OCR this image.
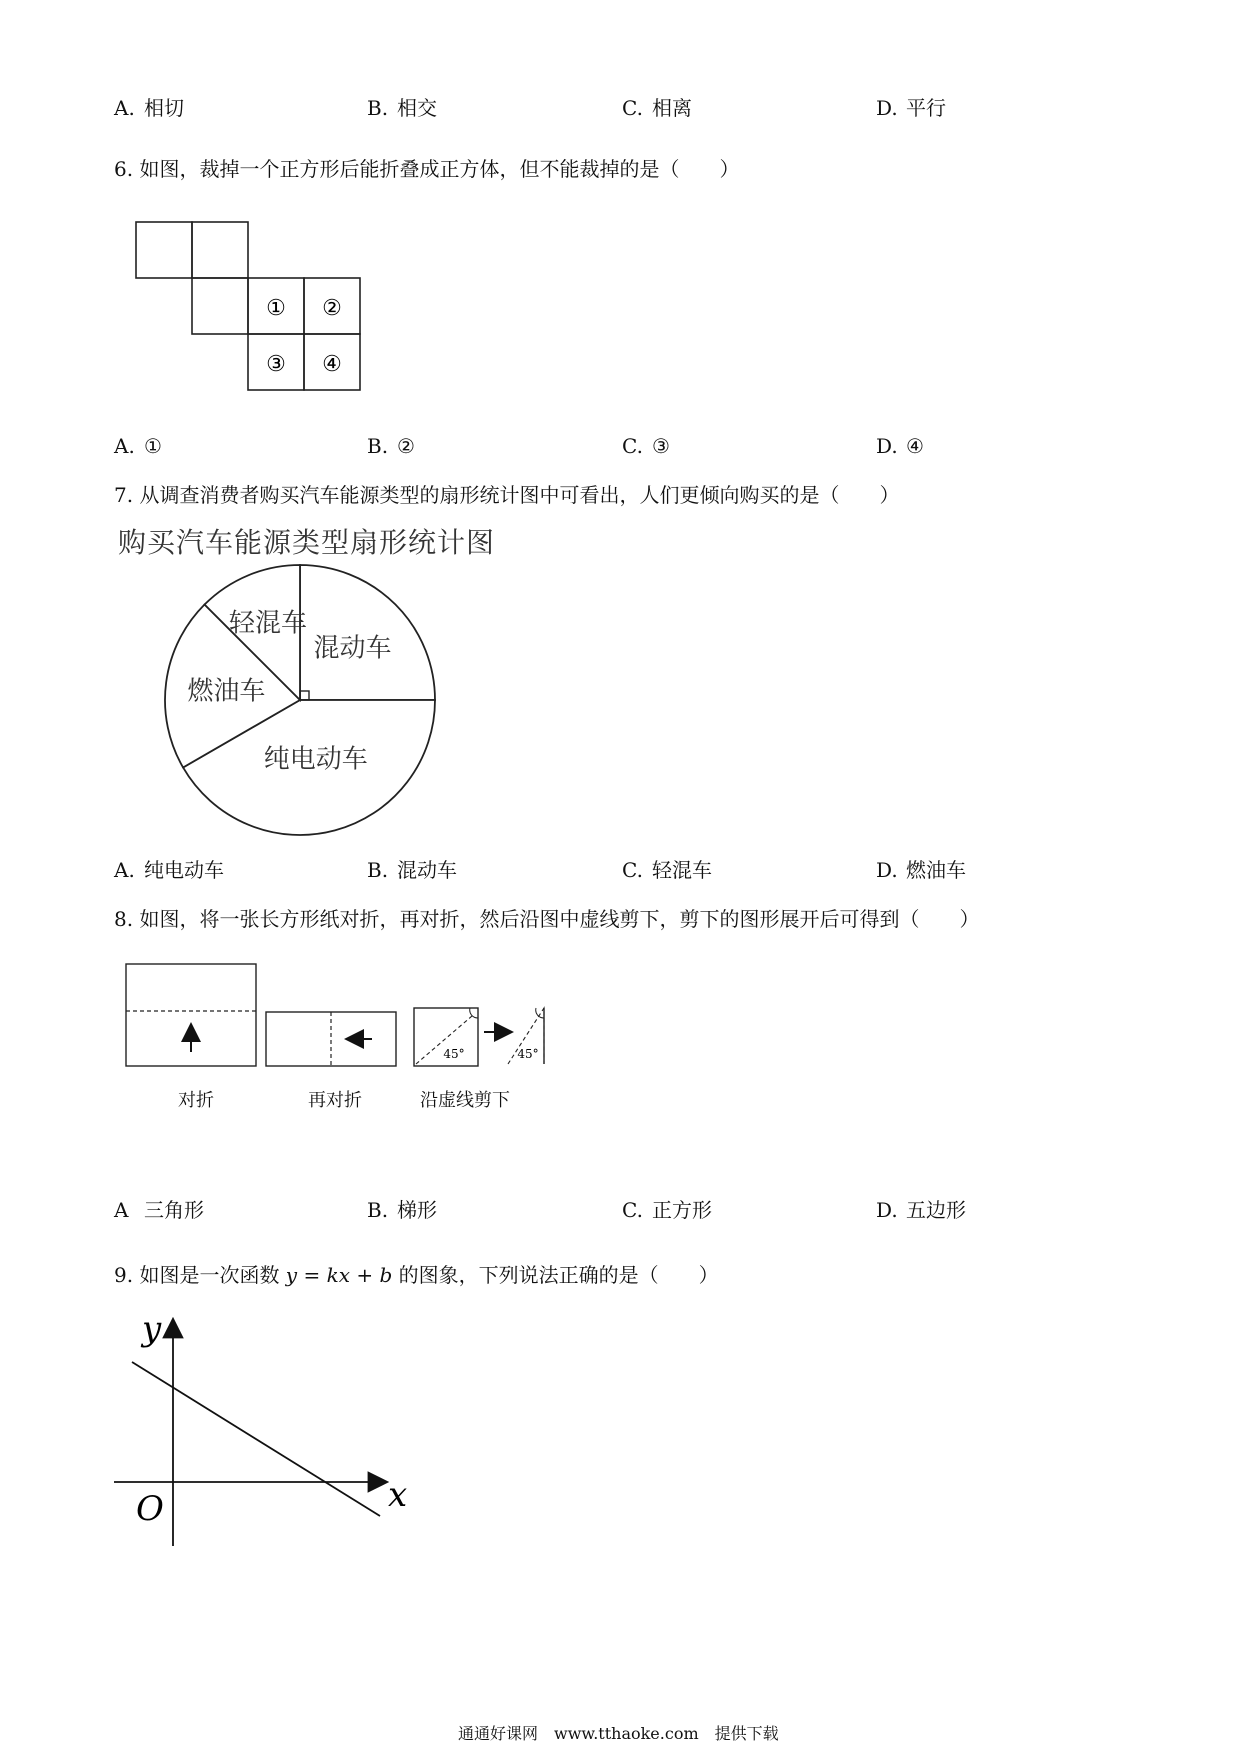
A. 相切	B. 相交	C. 相离	D. 平行
6. 如图，裁掉一个正方形后能折叠成正方体，但不能裁掉的是（　　）
① ②
③ ④
A. ①	B. ②	C. ③	D. ④
7. 从调查消费者购买汽车能源类型的扇形统计图中可看出，人们更倾向购买的是（　　）
购买汽车能源类型扇形统计图
混动车
纯电动车
燃油车
轻混车
A. 纯电动车	B. 混动车	C. 轻混车	D. 燃油车
8. 如图，将一张长方形纸对折，再对折，然后沿图中虚线剪下，剪下的图形展开后可得到（　　）
45°	45°
对折	再对折	沿虚线剪下
A 三角形	B. 梯形	C. 正方形	D. 五边形
9. 如图是一次函数 y = kx + b 的图象，下列说法正确的是（　　）
y
x
O
通通好课网　www.tthaoke.com　提供下载
